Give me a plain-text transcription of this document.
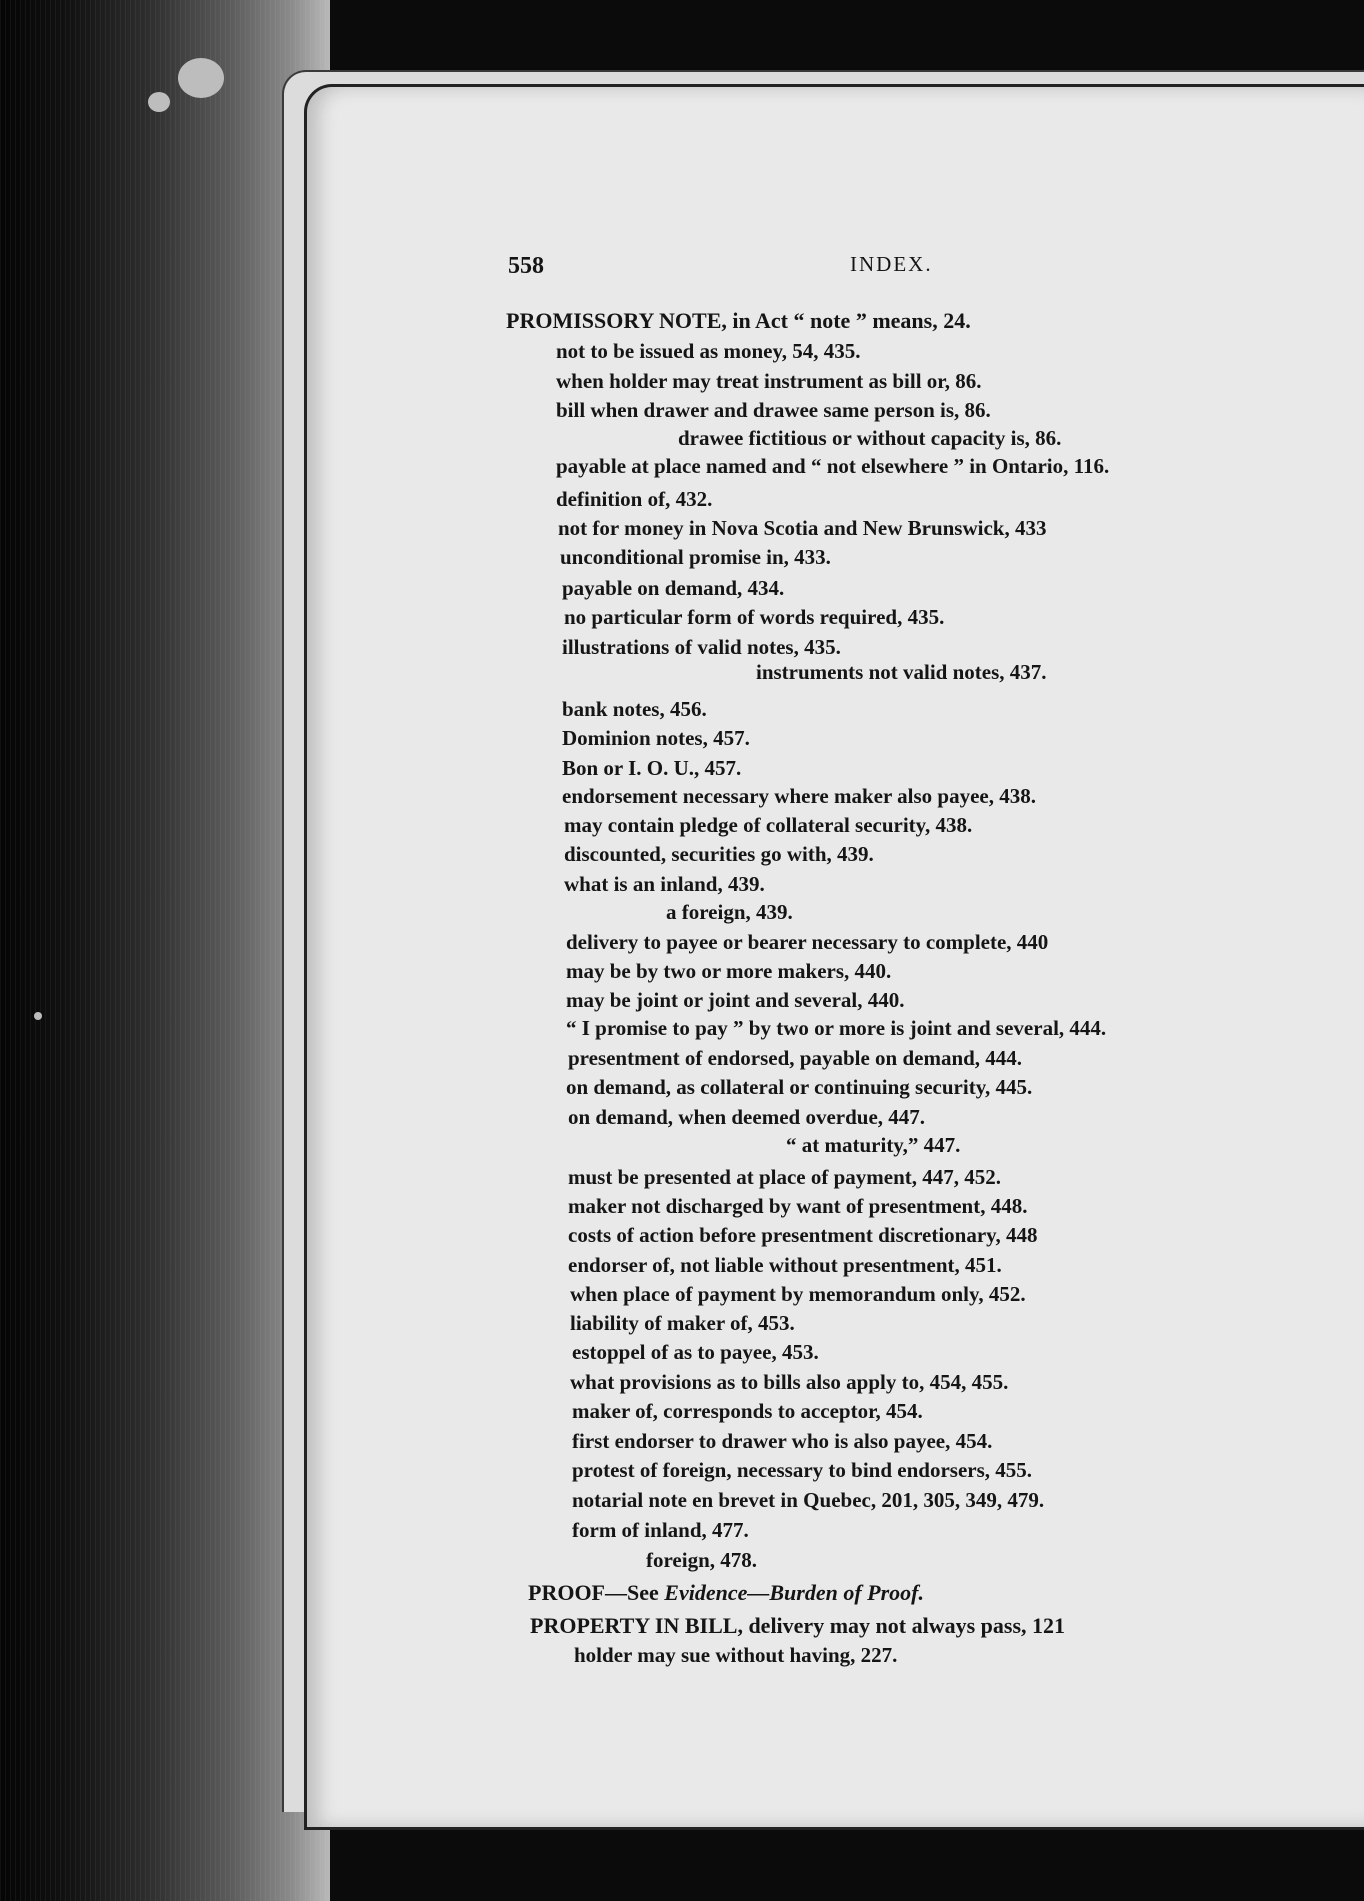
558	INDEX.
PROMISSORY NOTE, in Act “ note ” means, 24.
not to be issued as money, 54, 435.
when holder may treat instrument as bill or, 86.
bill when drawer and drawee same person is, 86.
drawee fictitious or without capacity is, 86.
payable at place named and “ not elsewhere ” in Ontario, 116.
definition of, 432.
not for money in Nova Scotia and New Brunswick, 433
unconditional promise in, 433.
payable on demand, 434.
no particular form of words required, 435.
illustrations of valid notes, 435.
instruments not valid notes, 437.
bank notes, 456.
Dominion notes, 457.
Bon or I. O. U., 457.
endorsement necessary where maker also payee, 438.
may contain pledge of collateral security, 438.
discounted, securities go with, 439.
what is an inland, 439.
a foreign, 439.
delivery to payee or bearer necessary to complete, 440
may be by two or more makers, 440.
may be joint or joint and several, 440.
“ I promise to pay ” by two or more is joint and several, 444.
presentment of endorsed, payable on demand, 444.
on demand, as collateral or continuing security, 445.
on demand, when deemed overdue, 447.
“ at maturity,” 447.
must be presented at place of payment, 447, 452.
maker not discharged by want of presentment, 448.
costs of action before presentment discretionary, 448
endorser of, not liable without presentment, 451.
when place of payment by memorandum only, 452.
liability of maker of, 453.
estoppel of as to payee, 453.
what provisions as to bills also apply to, 454, 455.
maker of, corresponds to acceptor, 454.
first endorser to drawer who is also payee, 454.
protest of foreign, necessary to bind endorsers, 455.
notarial note en brevet in Quebec, 201, 305, 349, 479.
form of inland, 477.
foreign, 478.
PROOF—See Evidence—Burden of Proof.
PROPERTY IN BILL, delivery may not always pass, 121
holder may sue without having, 227.
